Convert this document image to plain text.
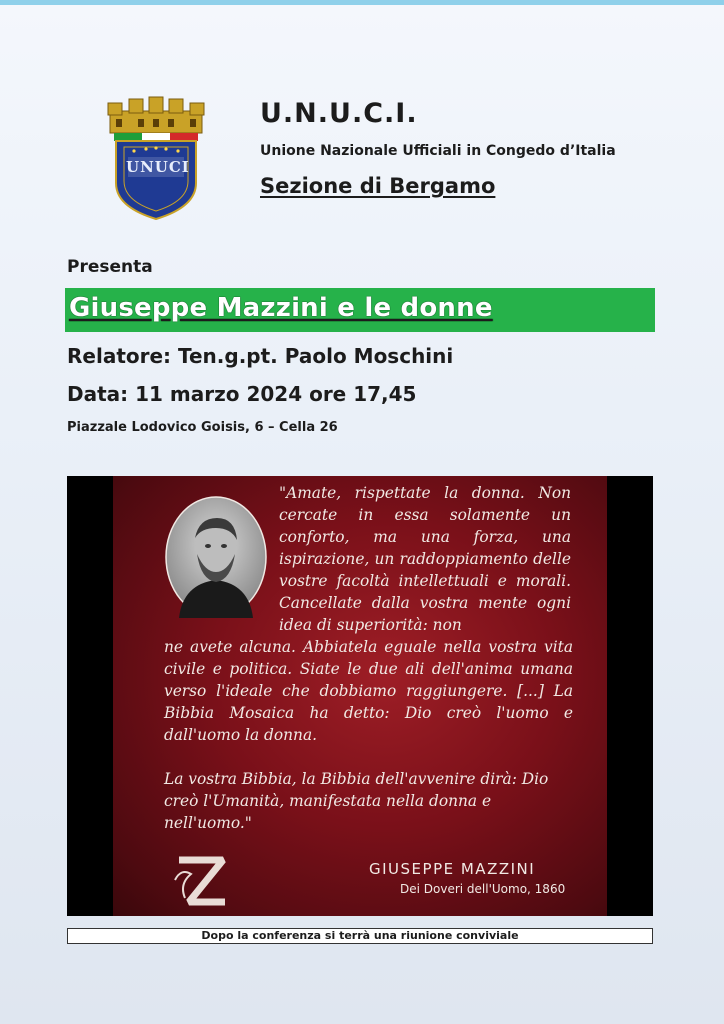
UNUCI
U.N.U.C.I.
Unione Nazionale Ufficiali in Congedo d’Italia
Sezione di Bergamo
Presenta
Giuseppe Mazzini e le donne
Relatore: Ten.g.pt. Paolo Moschini
Data: 11 marzo 2024 ore 17,45
Piazzale Lodovico Goisis, 6 – Cella 26

"Amate, rispettate la donna. Non cercate in essa solamente un conforto, ma una forza, una ispirazione, un raddoppiamento delle vostre facoltà intellettuali e morali. Cancellate dalla vostra mente ogni idea di superiorità: non

ne avete alcuna. Abbiatela eguale nella vostra vita civile e politica. Siate le due ali dell'anima umana verso l'ideale che dobbiamo raggiungere. [...] La Bibbia Mosaica ha detto: Dio creò l'uomo e dall'uomo la donna.

La vostra Bibbia, la Bibbia dell'avvenire dirà: Dio creò l'Umanità, manifestata nella donna e nell'uomo."

GIUSEPPE MAZZINI
Dei Doveri dell'Uomo, 1860
Dopo la conferenza si terrà una riunione conviviale
